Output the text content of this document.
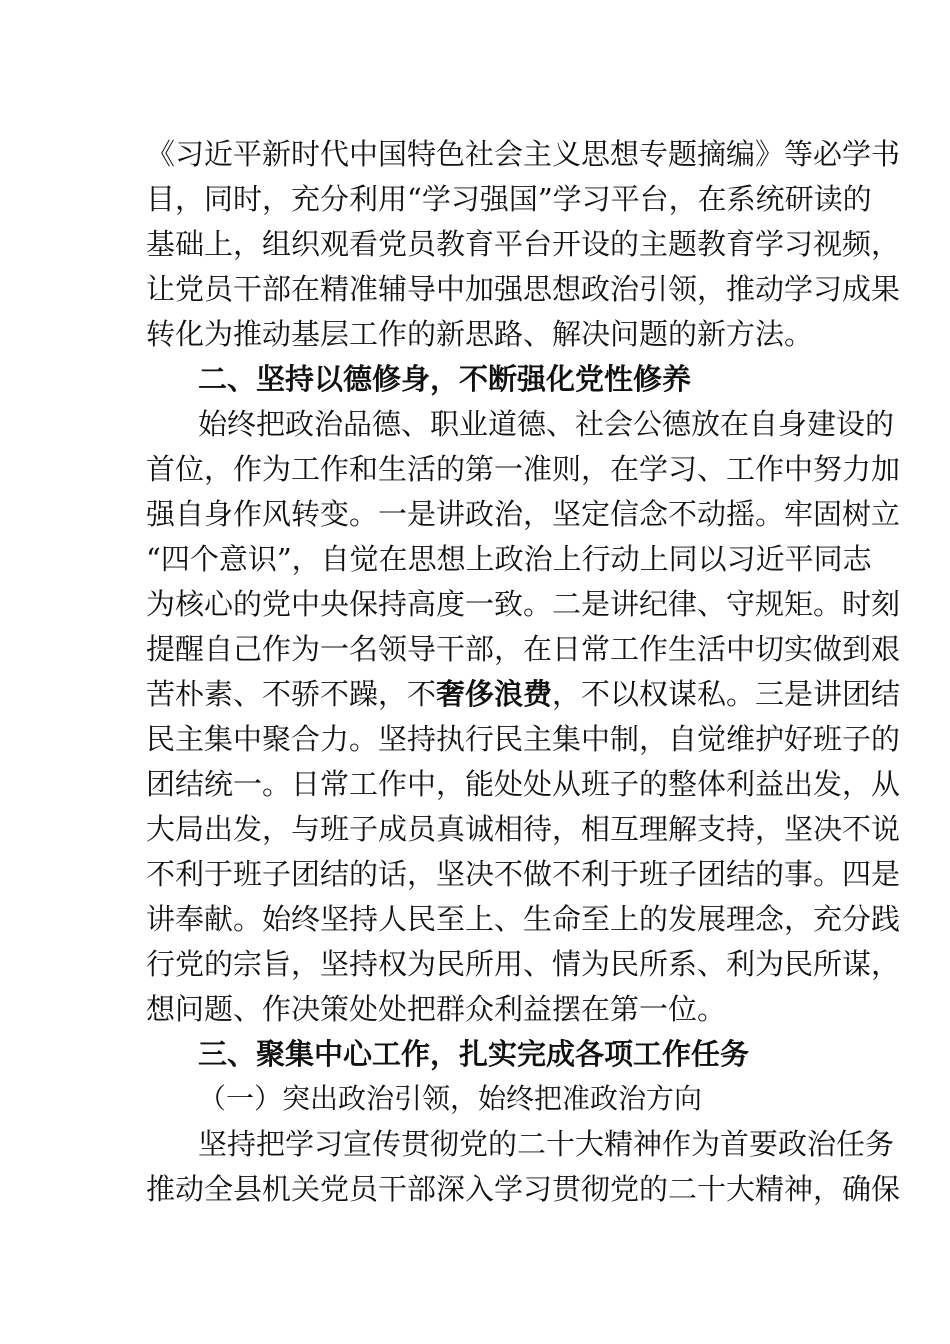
《习近平新时代中国特色社会主义思想专题摘编》等必学书
目，同时，充分利用“学习强国”学习平台，在系统研读的
基础上，组织观看党员教育平台开设的主题教育学习视频，
让党员干部在精准辅导中加强思想政治引领，推动学习成果
转化为推动基层工作的新思路、解决问题的新方法。
二、坚持以德修身，不断强化党性修养
始终把政治品德、职业道德、社会公德放在自身建设的
首位，作为工作和生活的第一准则，在学习、工作中努力加
强自身作风转变。一是讲政治，坚定信念不动摇。牢固树立
“四个意识”，自觉在思想上政治上行动上同以习近平同志
为核心的党中央保持高度一致。二是讲纪律、守规矩。时刻
提醒自己作为一名领导干部，在日常工作生活中切实做到艰
苦朴素、不骄不躁，不奢侈浪费，不以权谋私。三是讲团结
民主集中聚合力。坚持执行民主集中制，自觉维护好班子的
团结统一。日常工作中，能处处从班子的整体利益出发，从
大局出发，与班子成员真诚相待，相互理解支持，坚决不说
不利于班子团结的话，坚决不做不利于班子团结的事。四是
讲奉献。始终坚持人民至上、生命至上的发展理念，充分践
行党的宗旨，坚持权为民所用、情为民所系、利为民所谋，
想问题、作决策处处把群众利益摆在第一位。
三、聚集中心工作，扎实完成各项工作任务
（一）突出政治引领，始终把准政治方向
坚持把学习宣传贯彻党的二十大精神作为首要政治任务
推动全县机关党员干部深入学习贯彻党的二十大精神，确保
